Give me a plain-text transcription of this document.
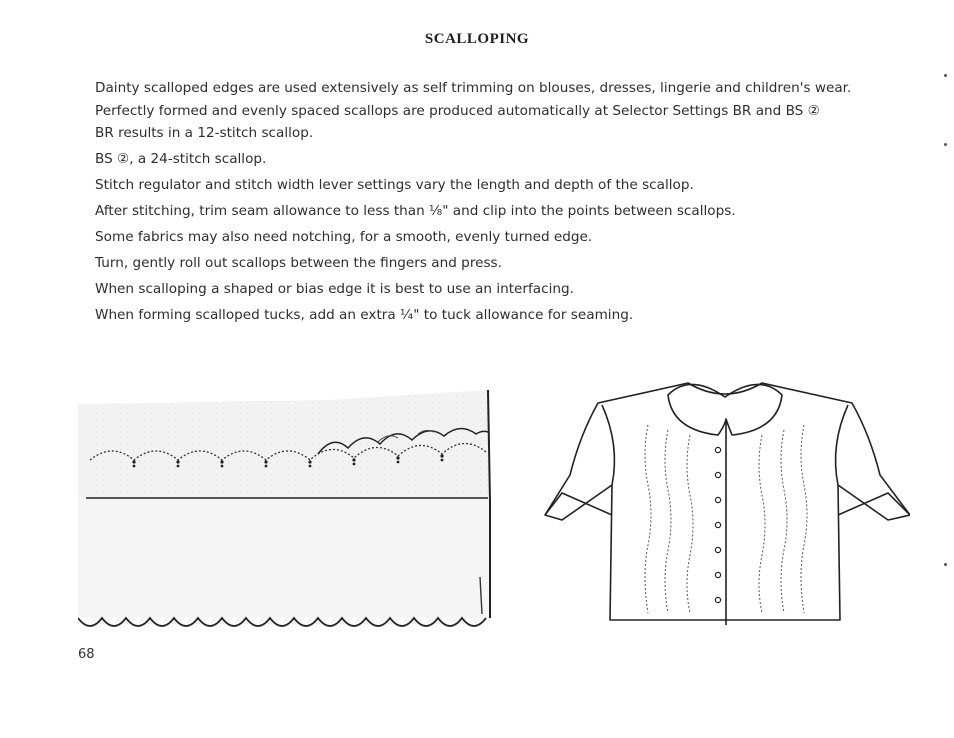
SCALLOPING

Dainty scalloped edges are used extensively as self trimming on blouses, dresses, lingerie and children's wear.

Perfectly formed and evenly spaced scallops are produced automatically at Selector Settings BR and BS ②

BR results in a 12-stitch scallop.

BS ②, a 24-stitch scallop.

Stitch regulator and stitch width lever settings vary the length and depth of the scallop.

After stitching, trim seam allowance to less than ⅛" and clip into the points between scallops.

Some fabrics may also need notching, for a smooth, evenly turned edge.

Turn, gently roll out scallops between the fingers and press.

When scalloping a shaped or bias edge it is best to use an interfacing.

When forming scalloped tucks, add an extra ¼" to tuck allowance for seaming.

68
